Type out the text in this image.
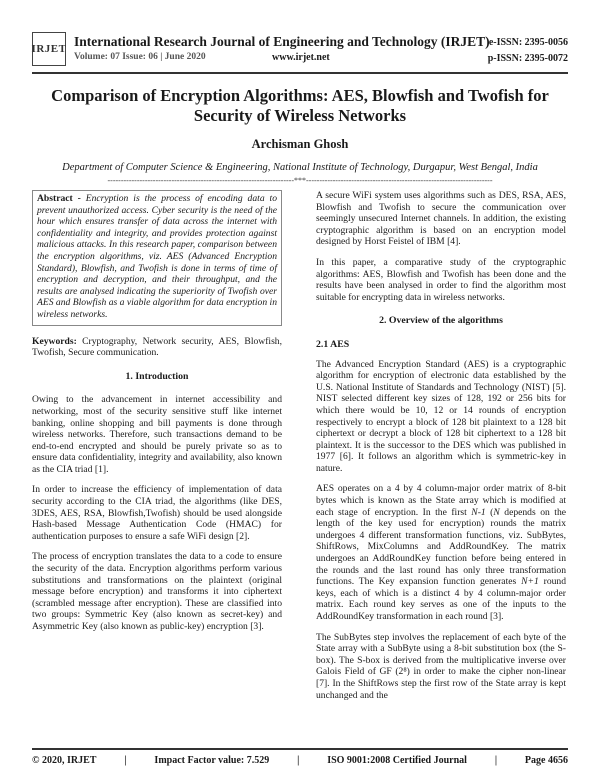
IRJET International Research Journal of Engineering and Technology (IRJET)
Volume: 07 Issue: 06 | June 2020	www.irjet.net
e-ISSN: 2395-0056
p-ISSN: 2395-0072
Comparison of Encryption Algorithms: AES, Blowfish and Twofish for Security of Wireless Networks
Archisman Ghosh
Department of Computer Science & Engineering, National Institute of Technology, Durgapur, West Bengal, India
----------------------------------------------------------------------***----------------------------------------------------------------------
Abstract - Encryption is the process of encoding data to prevent unauthorized access. Cyber security is the need of the hour which ensures transfer of data across the internet with confidentiality and integrity, and provides protection against malicious attacks. In this research paper, comparison between the encryption algorithms, viz. AES (Advanced Encryption Standard), Blowfish, and Twofish is done in terms of time of encryption and decryption, and their throughput, and the results are analysed indicating the superiority of Twofish over AES and Blowfish as a viable algorithm for data encryption in wireless networks.

Keywords: Cryptography, Network security, AES, Blowfish, Twofish, Secure communication.

1. Introduction

Owing to the advancement in internet accessibility and networking, most of the security sensitive stuff like internet banking, online shopping and bill payments is done through wireless networks. Therefore, such transactions demand to be end-to-end encrypted and should be purely private so as to ensure data confidentiality, integrity and availability, also known as the CIA triad [1].

In order to increase the efficiency of implementation of data security according to the CIA triad, the algorithms (like DES, 3DES, AES, RSA, Blowfish,Twofish) should be used alongside Hash-based Message Authentication Code (HMAC) for authentication purposes to ensure a safe WiFi design [2].

The process of encryption translates the data to a code to ensure the security of the data. Encryption algorithms perform various substitutions and transformations on the plaintext (original message before encryption) and transforms it into ciphertext (scrambled message after encryption). These are classified into two groups: Symmetric Key (also known as secret-key) and Asymmetric Key (also known as public-key) encryption [3].

A secure WiFi system uses algorithms such as DES, RSA, AES, Blowfish and Twofish to secure the communication over seemingly unsecured Internet channels. In addition, the existing cryptographic algorithm is based on an encryption model designed by Horst Feistel of IBM [4].

In this paper, a comparative study of the cryptographic algorithms: AES, Blowfish and Twofish has been done and the results have been analysed in order to find the algorithm most suitable for encrypting data in wireless networks.

2. Overview of the algorithms
2.1 AES

The Advanced Encryption Standard (AES) is a cryptographic algorithm for encryption of electronic data established by the U.S. National Institute of Standards and Technology (NIST) [5]. NIST selected different key sizes of 128, 192 or 256 bits for which there would be 10, 12 or 14 rounds of encryption respectively to encrypt a block of 128 bit plaintext to a 128 bit ciphertext or decrypt a block of 128 bit ciphertext to a 128 bit plaintext. It is the successor to the DES which was published in 1977 [6]. It follows an algorithm which is symmetric-key in nature.

AES operates on a 4 by 4 column-major order matrix of 8-bit bytes which is known as the State array which is modified at each stage of encryption. In the first N-1 (N depends on the length of the key used for encryption) rounds the matrix undergoes 4 different transformation functions, viz. SubBytes, ShiftRows, MixColumns and AddRoundKey. The matrix undergoes an AddRoundKey function before being entered in the rounds and the last round has only three transformation functions. The Key expansion function generates N+1 round keys, each of which is a distinct 4 by 4 column-major order matrix. Each round key serves as one of the inputs to the AddRoundKey transformation in each round [3].

The SubBytes step involves the replacement of each byte of the State array with a SubByte using a 8-bit substitution box (the S-box). The S-box is derived from the multiplicative inverse over Galois Field of GF (2⁸) in order to make the cipher non-linear [7]. In the ShiftRows step the first row of the State array is kept unchanged and the

© 2020, IRJET	|	Impact Factor value: 7.529	|	ISO 9001:2008 Certified Journal	|	Page 4656
